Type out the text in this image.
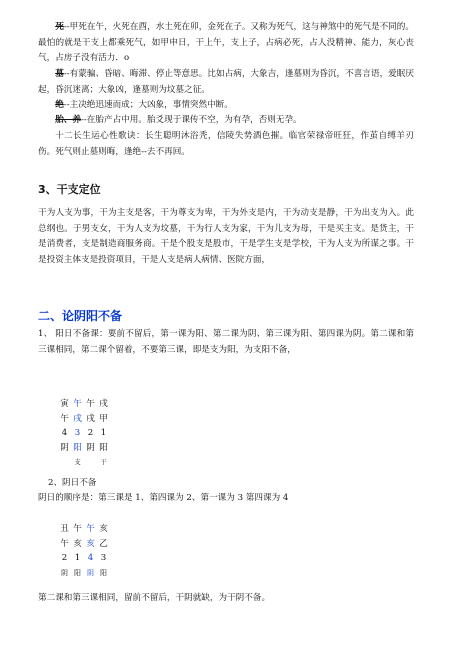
死--甲死在午，火死在酉，水土死在卯，金死在子。又称为死气，这与神煞中的死气是不同的。最怕的就是干支上都乘死气，如甲申日，干上午，支上子，占病必死，占人没精神、能力，灰心丧气，占房子没有活力．o

墓--有蒙骗、昏暗、晦滞、停止等意思。比如占病，大象吉，逢墓则为昏沉，不喜言语，爱眠厌起，昏沉迷离；大象凶，逢墓则为坟墓之征。

绝--主决绝迅速而成；大凶象，事情突然中断。

胎、养--在胎产占中用。胎爻现于课传不空，为有孕，否则无孕。

十二长生运心性歌诀：长生聪明沐浴秃，信陵失势酒色摧。临官荣禄帝旺狂，作茧自缚羊刃伤。死气则止墓则晦，逢绝--去不再回。

3、干支定位

干为人支为事，干为主支是客，干为尊支为卑，干为外支是内，干为动支是静，干为出支为入。此总纲也。于男支女，干为人支为坟墓，干为行人支为家，干为儿支为母，干是买主支。是货主，干是消费者，支是制造商服务商。干是个股支是股市，干是学生支是学校，干为人支为所谋之事。干是投资主体支是投资项目，干是人支是病人病情、医院方面，

二、论阴阳不备

1、 阳日不备课：要前不留后，第一课为阳、第二课为阴、第三课为阳、第四课为阴。第二课和第三课相同，第二课个留着，不要第三课，即是支为阳，为支阳不备，

寅 午 午 戌
午 戌 戌 甲
4 3 2 1
阴 阳 阴 阳
支	干

2、阴日不备

阴日的顺序是：第三课是 1、第四课为 2、第一课为 3 第四课为 4

丑 午 午 亥
午 亥 亥 乙
2 1 4 3
阴 阳 阴 阳

第二课和第三课相同，留前不留后，干阴就缺，为干阴不备。
